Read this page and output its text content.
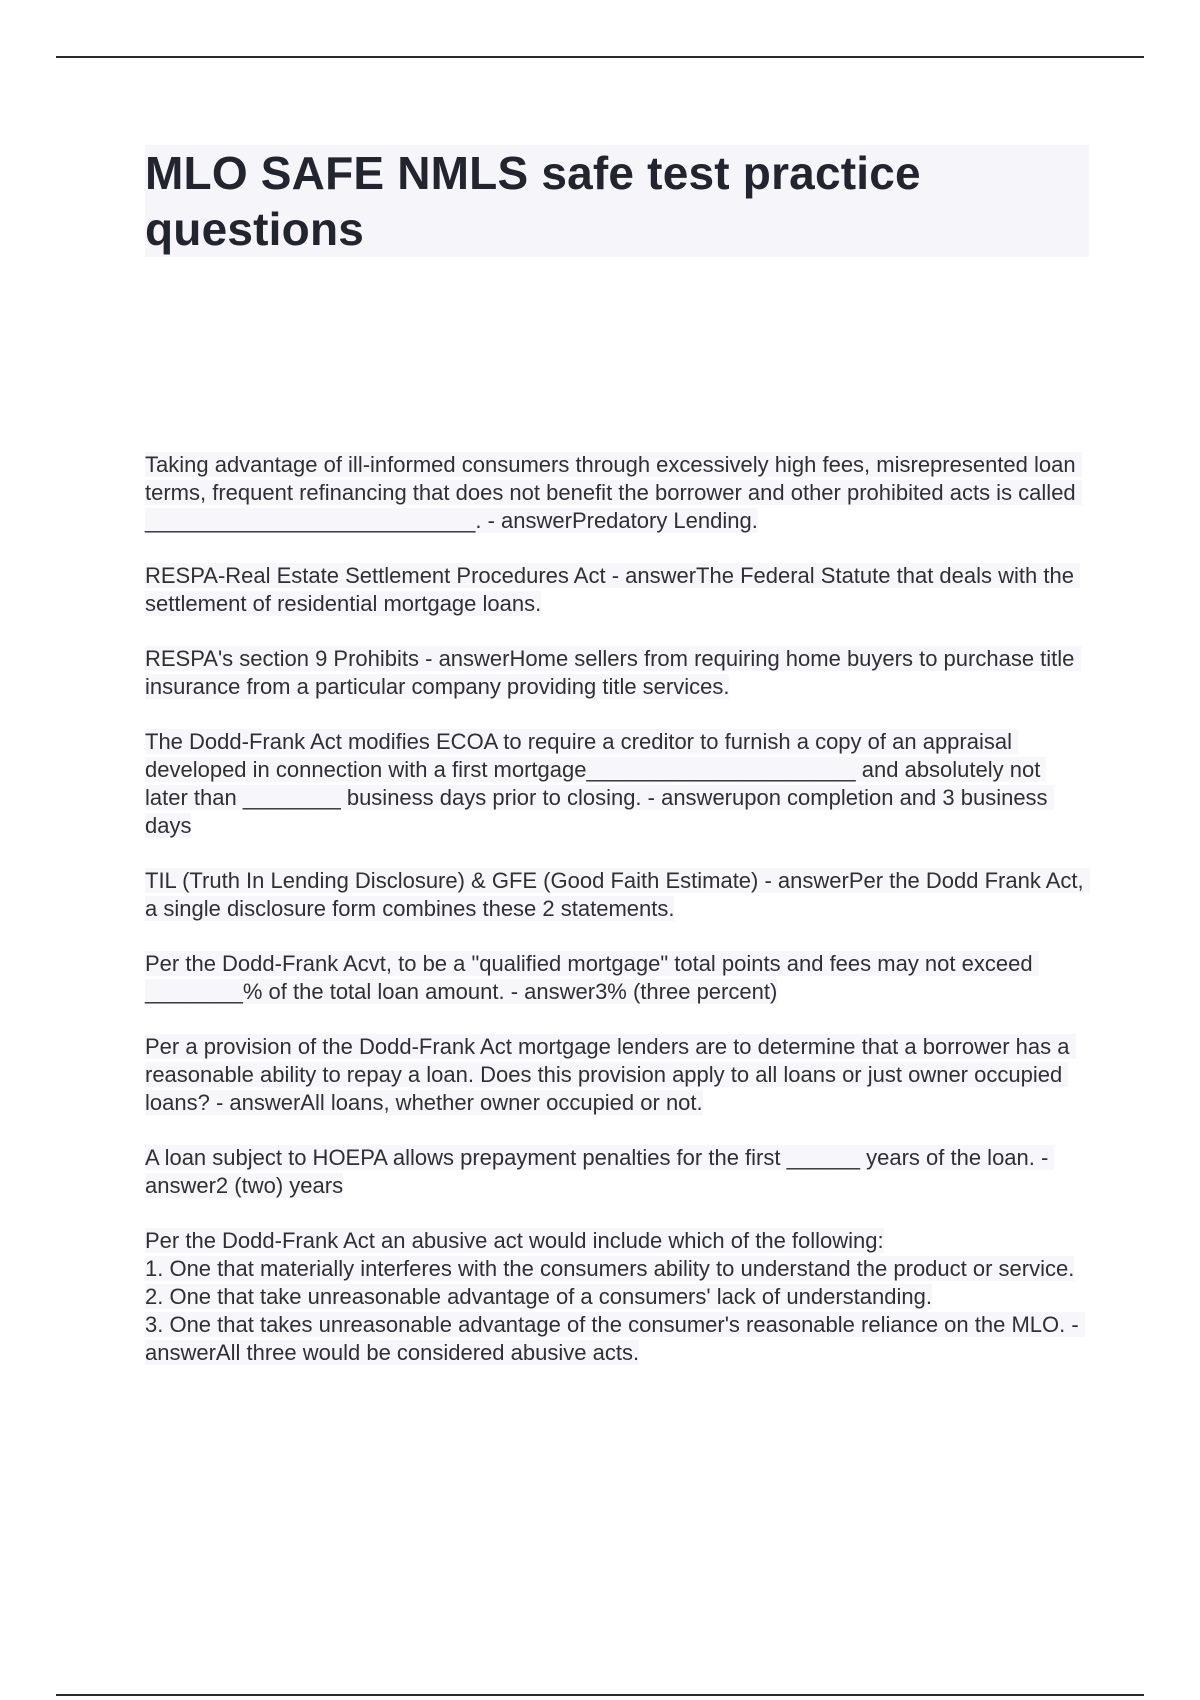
MLO SAFE NMLS safe test practice questions
Taking advantage of ill-informed consumers through excessively high fees, misrepresented loan terms, frequent refinancing that does not benefit the borrower and other prohibited acts is called ___________________________. - answerPredatory Lending.
RESPA-Real Estate Settlement Procedures Act - answerThe Federal Statute that deals with the settlement of residential mortgage loans.
RESPA's section 9 Prohibits - answerHome sellers from requiring home buyers to purchase title insurance from a particular company providing title services.
The Dodd-Frank Act modifies ECOA to require a creditor to furnish a copy of an appraisal developed in connection with a first mortgage______________________ and absolutely not later than ________ business days prior to closing. - answerupon completion and 3 business days
TIL (Truth In Lending Disclosure) & GFE (Good Faith Estimate) - answerPer the Dodd Frank Act, a single disclosure form combines these 2 statements.
Per the Dodd-Frank Acvt, to be a "qualified mortgage" total points and fees may not exceed ________% of the total loan amount. - answer3% (three percent)
Per a provision of the Dodd-Frank Act mortgage lenders are to determine that a borrower has a reasonable ability to repay a loan. Does this provision apply to all loans or just owner occupied loans? - answerAll loans, whether owner occupied or not.
A loan subject to HOEPA allows prepayment penalties for the first ______ years of the loan. - answer2 (two) years
Per the Dodd-Frank Act an abusive act would include which of the following:
1. One that materially interferes with the consumers ability to understand the product or service.
2. One that take unreasonable advantage of a consumers' lack of understanding.
3. One that takes unreasonable advantage of the consumer's reasonable reliance on the MLO. - answerAll three would be considered abusive acts.
